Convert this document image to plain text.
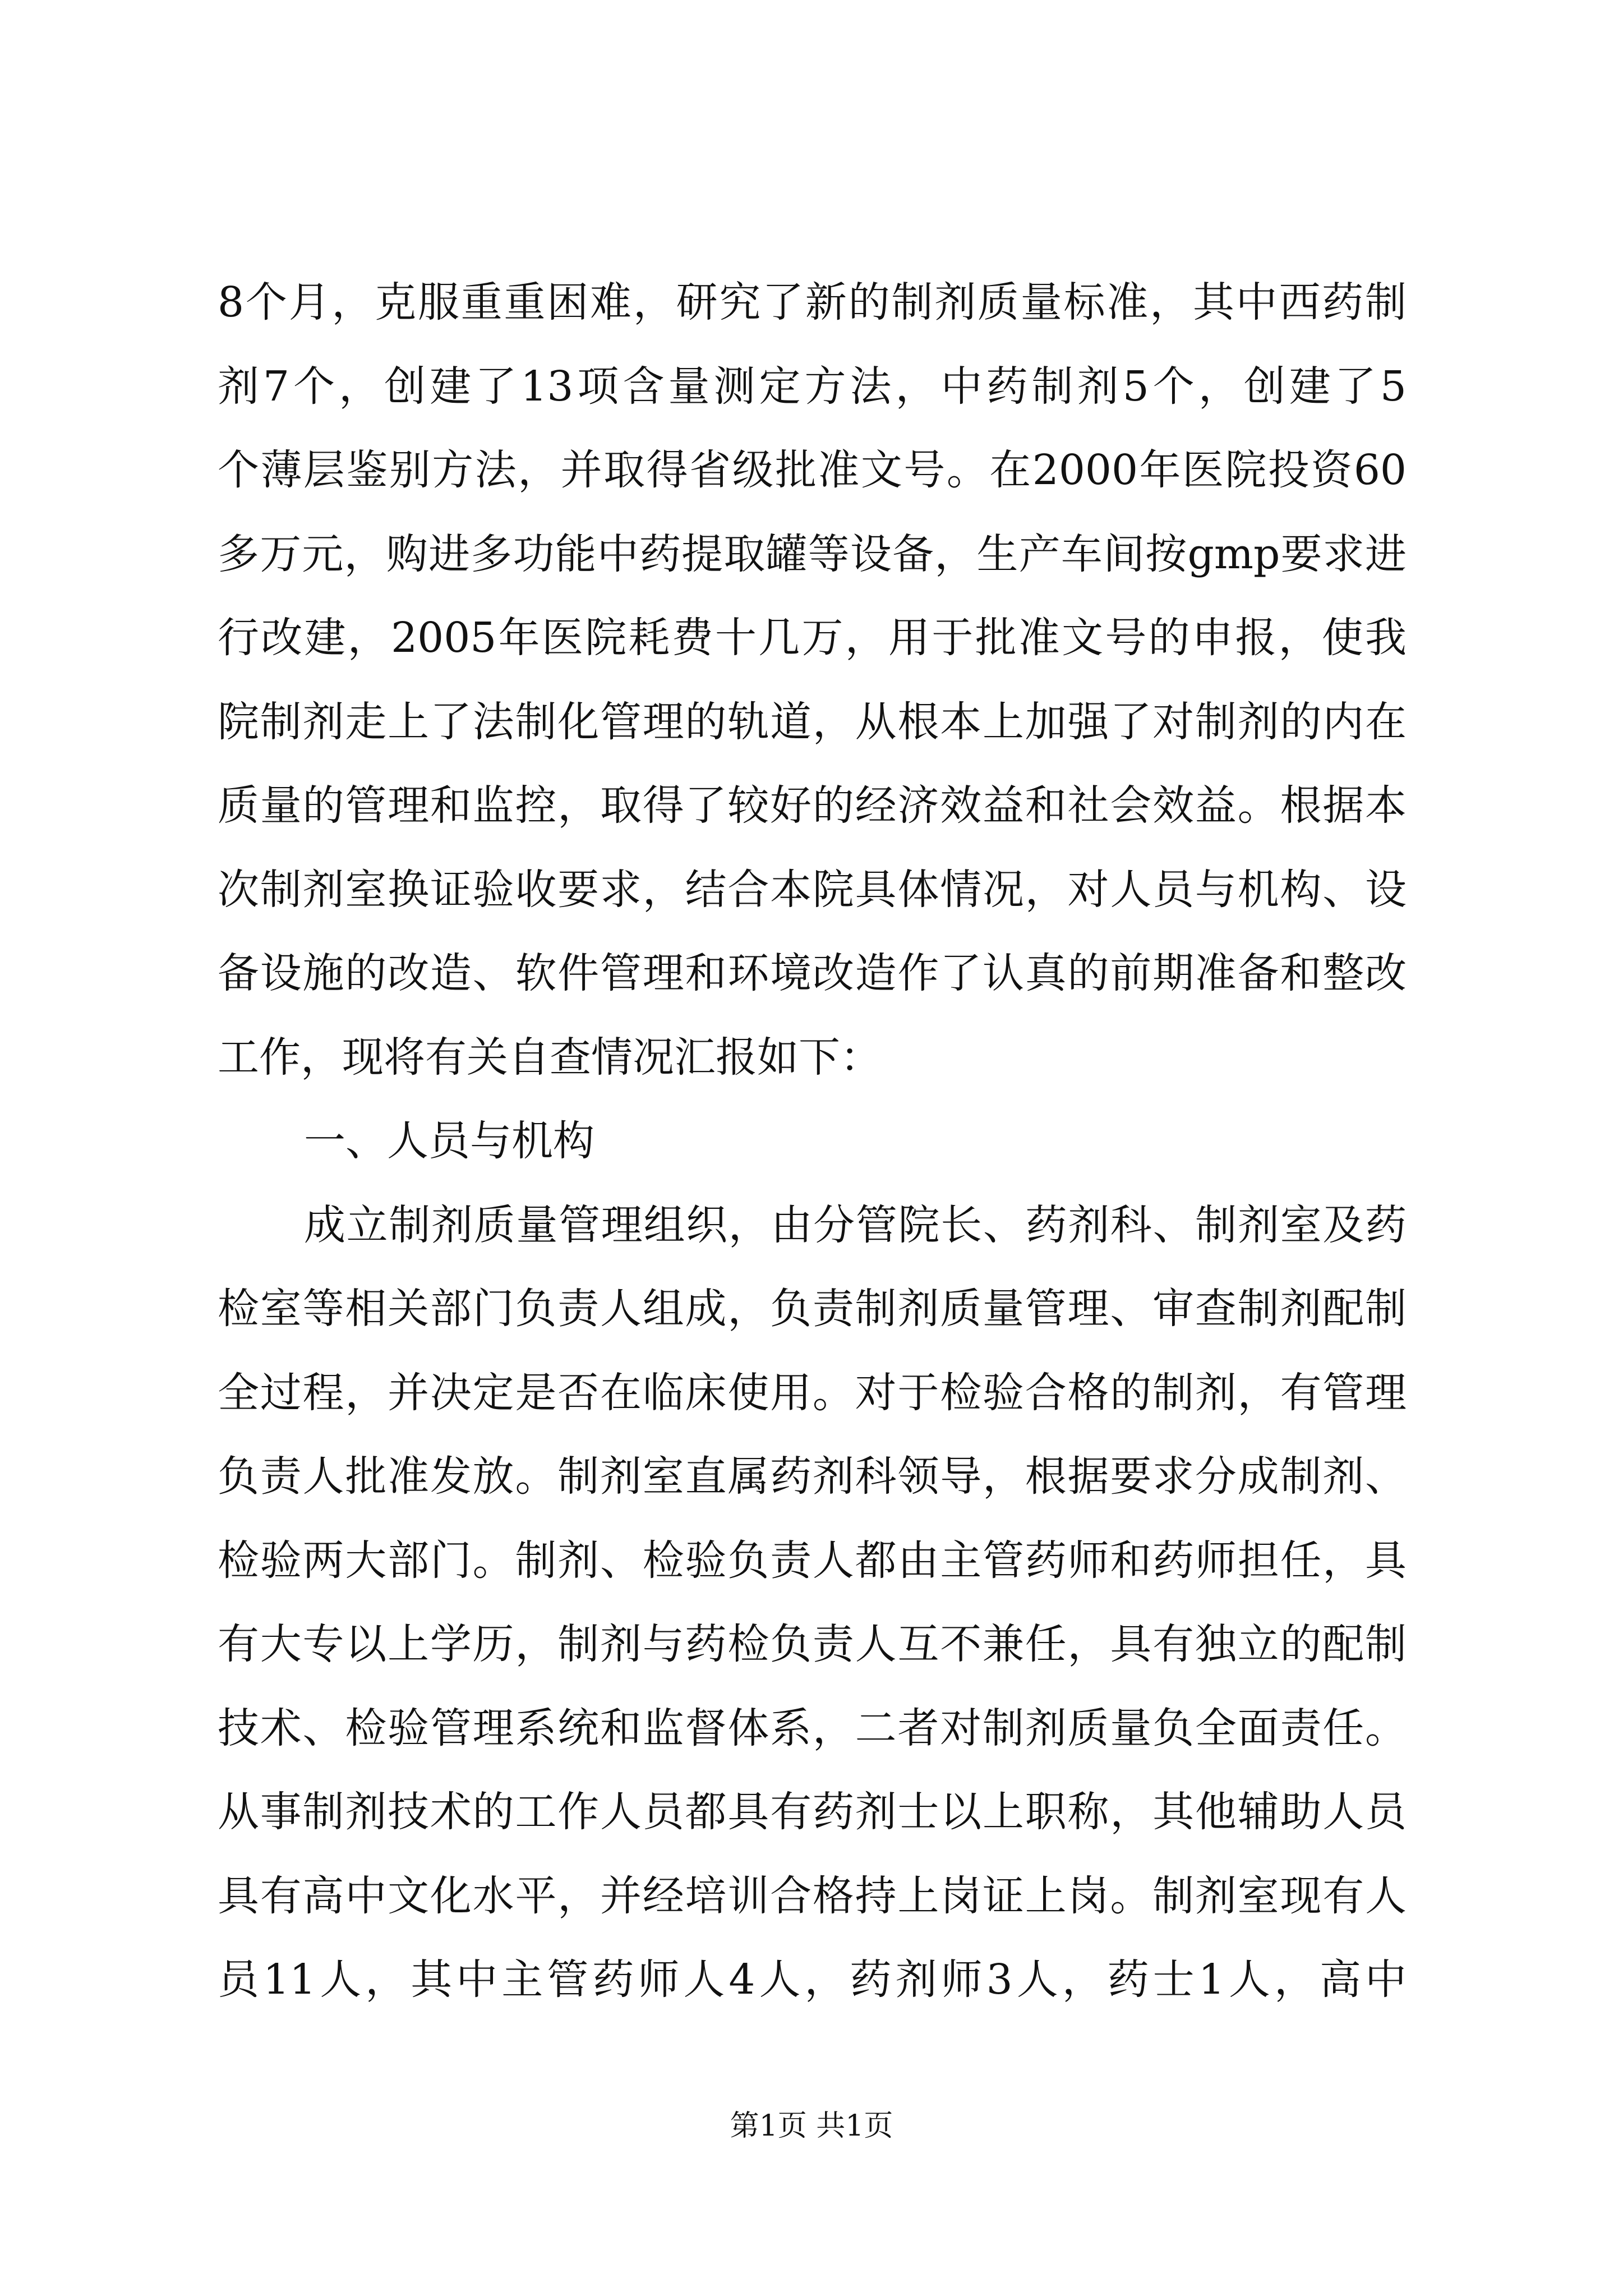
8个月，克服重重困难，研究了新的制剂质量标准，其中西药制
剂7个，创建了13项含量测定方法，中药制剂5个，创建了5
个薄层鉴别方法，并取得省级批准文号。在2000年医院投资60
多万元，购进多功能中药提取罐等设备，生产车间按gmp要求进
行改建，2005年医院耗费十几万，用于批准文号的申报，使我
院制剂走上了法制化管理的轨道，从根本上加强了对制剂的内在
质量的管理和监控，取得了较好的经济效益和社会效益。根据本
次制剂室换证验收要求，结合本院具体情况，对人员与机构、设
备设施的改造、软件管理和环境改造作了认真的前期准备和整改
工作，现将有关自查情况汇报如下：
一、人员与机构
成立制剂质量管理组织，由分管院长、药剂科、制剂室及药
检室等相关部门负责人组成，负责制剂质量管理、审查制剂配制
全过程，并决定是否在临床使用。对于检验合格的制剂，有管理
负责人批准发放。制剂室直属药剂科领导，根据要求分成制剂、
检验两大部门。制剂、检验负责人都由主管药师和药师担任，具
有大专以上学历，制剂与药检负责人互不兼任，具有独立的配制
技术、检验管理系统和监督体系，二者对制剂质量负全面责任。
从事制剂技术的工作人员都具有药剂士以上职称，其他辅助人员
具有高中文化水平，并经培训合格持上岗证上岗。制剂室现有人
员11人，其中主管药师人4人，药剂师3人，药士1人，高中
第1页 共1页
